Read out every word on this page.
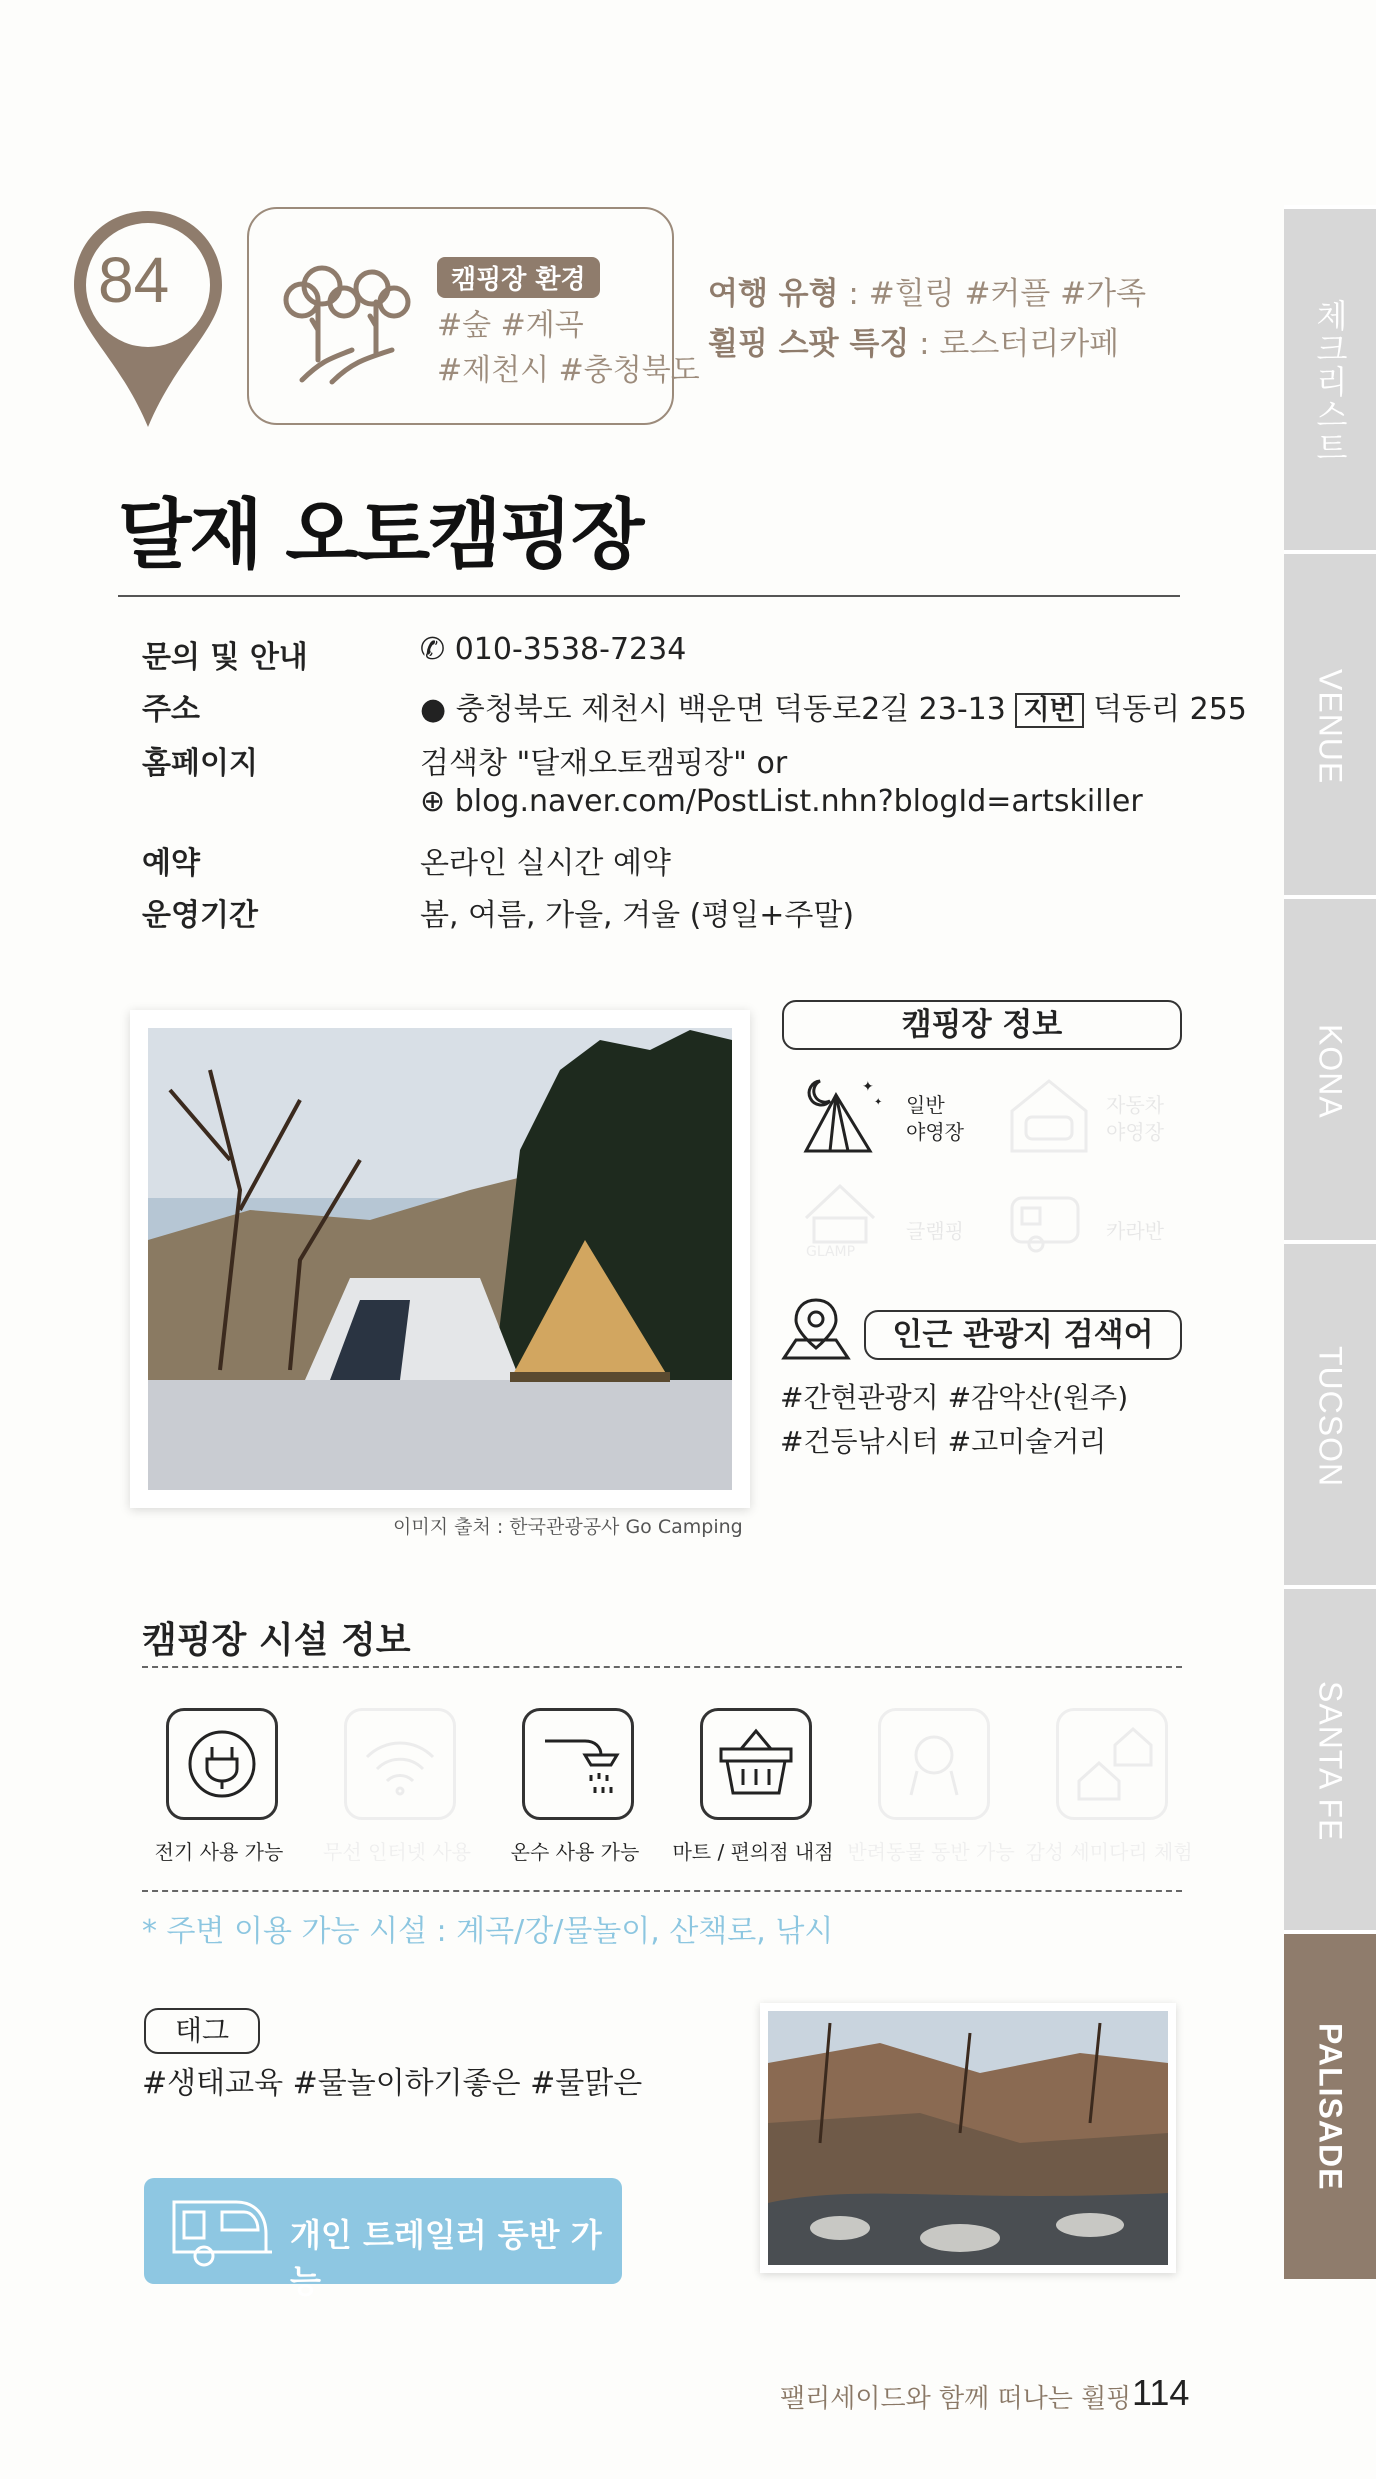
체크리스트
VENUE
KONA
TUCSON
SANTA FE
PALISADE
84	캠핑장 환경
#숲 #계곡
#제천시 #충청북도
여행 유형 : #힐링 #커플 #가족
휠핑 스팟 특징 : 로스터리카페
달재 오토캠핑장
문의 및 안내	✆ 010-3538-7234
주소	● 충청북도 제천시 백운면 덕동로2길 23-13 지번 덕동리 255
홈페이지	검색창 "달재오토캠핑장" or
⊕ blog.naver.com/PostList.nhn?blogId=artskiller
예약	온라인 실시간 예약
운영기간	봄, 여름, 가을, 겨울 (평일+주말)
이미지 출처 : 한국관광공사 Go Camping
캠핑장 정보
✦
✦ 일반
야영장
자동차
야영장
GLAMP
글램핑	카라반
인근 관광지 검색어
#간현관광지 #감악산(원주)
#건등낚시터 #고미술거리
캠핑장 시설 정보
전기 사용 가능	무선 인터넷 사용	온수 사용 가능	마트 / 편의점 내점 반려동물 동반 가능 감성 세미다리 체험
* 주변 이용 가능 시설 : 계곡/강/물놀이, 산책로, 낚시
태그
#생태교육 #물놀이하기좋은 #물맑은
개인 트레일러 동반 가능
팰리세이드와 함께 떠나는 휠핑 114
